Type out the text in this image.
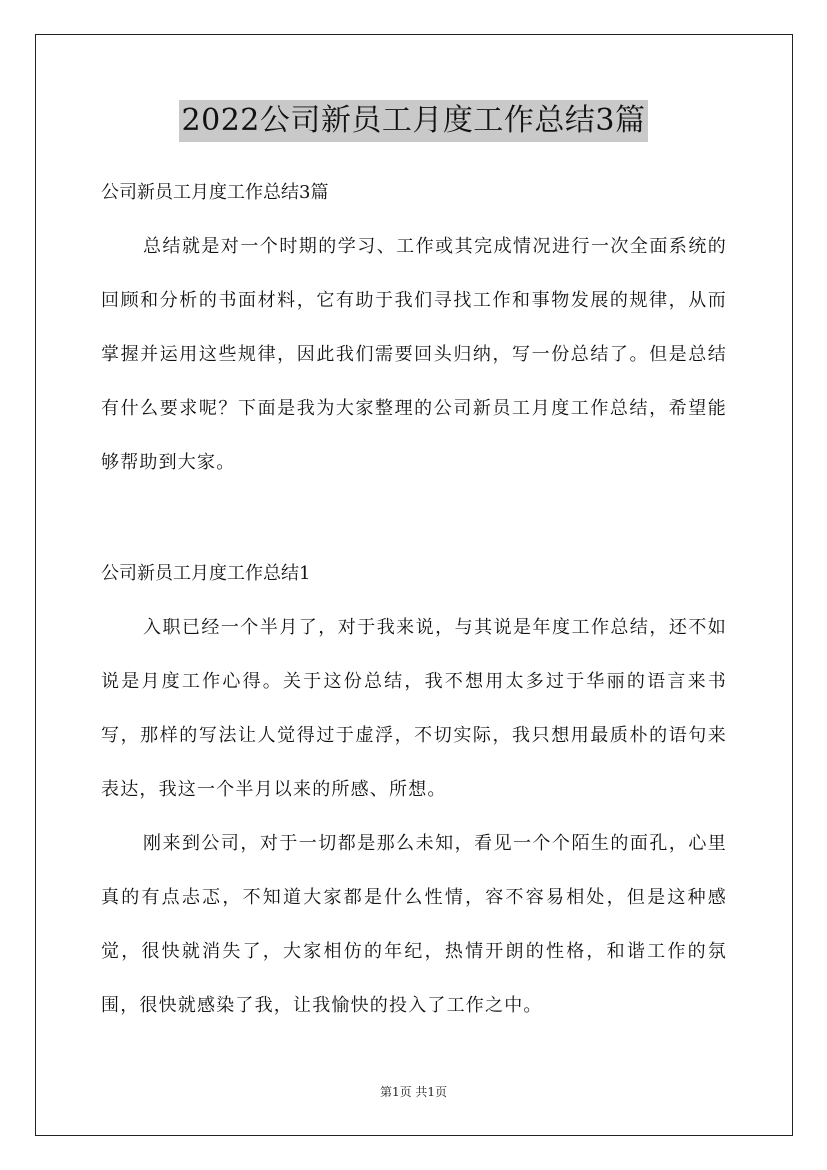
2022公司新员工月度工作总结3篇

公司新员工月度工作总结3篇

总结就是对一个时期的学习、工作或其完成情况进行一次全面系统的回顾和分析的书面材料，它有助于我们寻找工作和事物发展的规律，从而掌握并运用这些规律，因此我们需要回头归纳，写一份总结了。但是总结有什么要求呢？下面是我为大家整理的公司新员工月度工作总结，希望能够帮助到大家。

公司新员工月度工作总结1

入职已经一个半月了，对于我来说，与其说是年度工作总结，还不如说是月度工作心得。关于这份总结，我不想用太多过于华丽的语言来书写，那样的写法让人觉得过于虚浮，不切实际，我只想用最质朴的语句来表达，我这一个半月以来的所感、所想。

刚来到公司，对于一切都是那么未知，看见一个个陌生的面孔，心里真的有点忐忑，不知道大家都是什么性情，容不容易相处，但是这种感觉，很快就消失了，大家相仿的年纪，热情开朗的性格，和谐工作的氛围，很快就感染了我，让我愉快的投入了工作之中。

第1页 共1页
